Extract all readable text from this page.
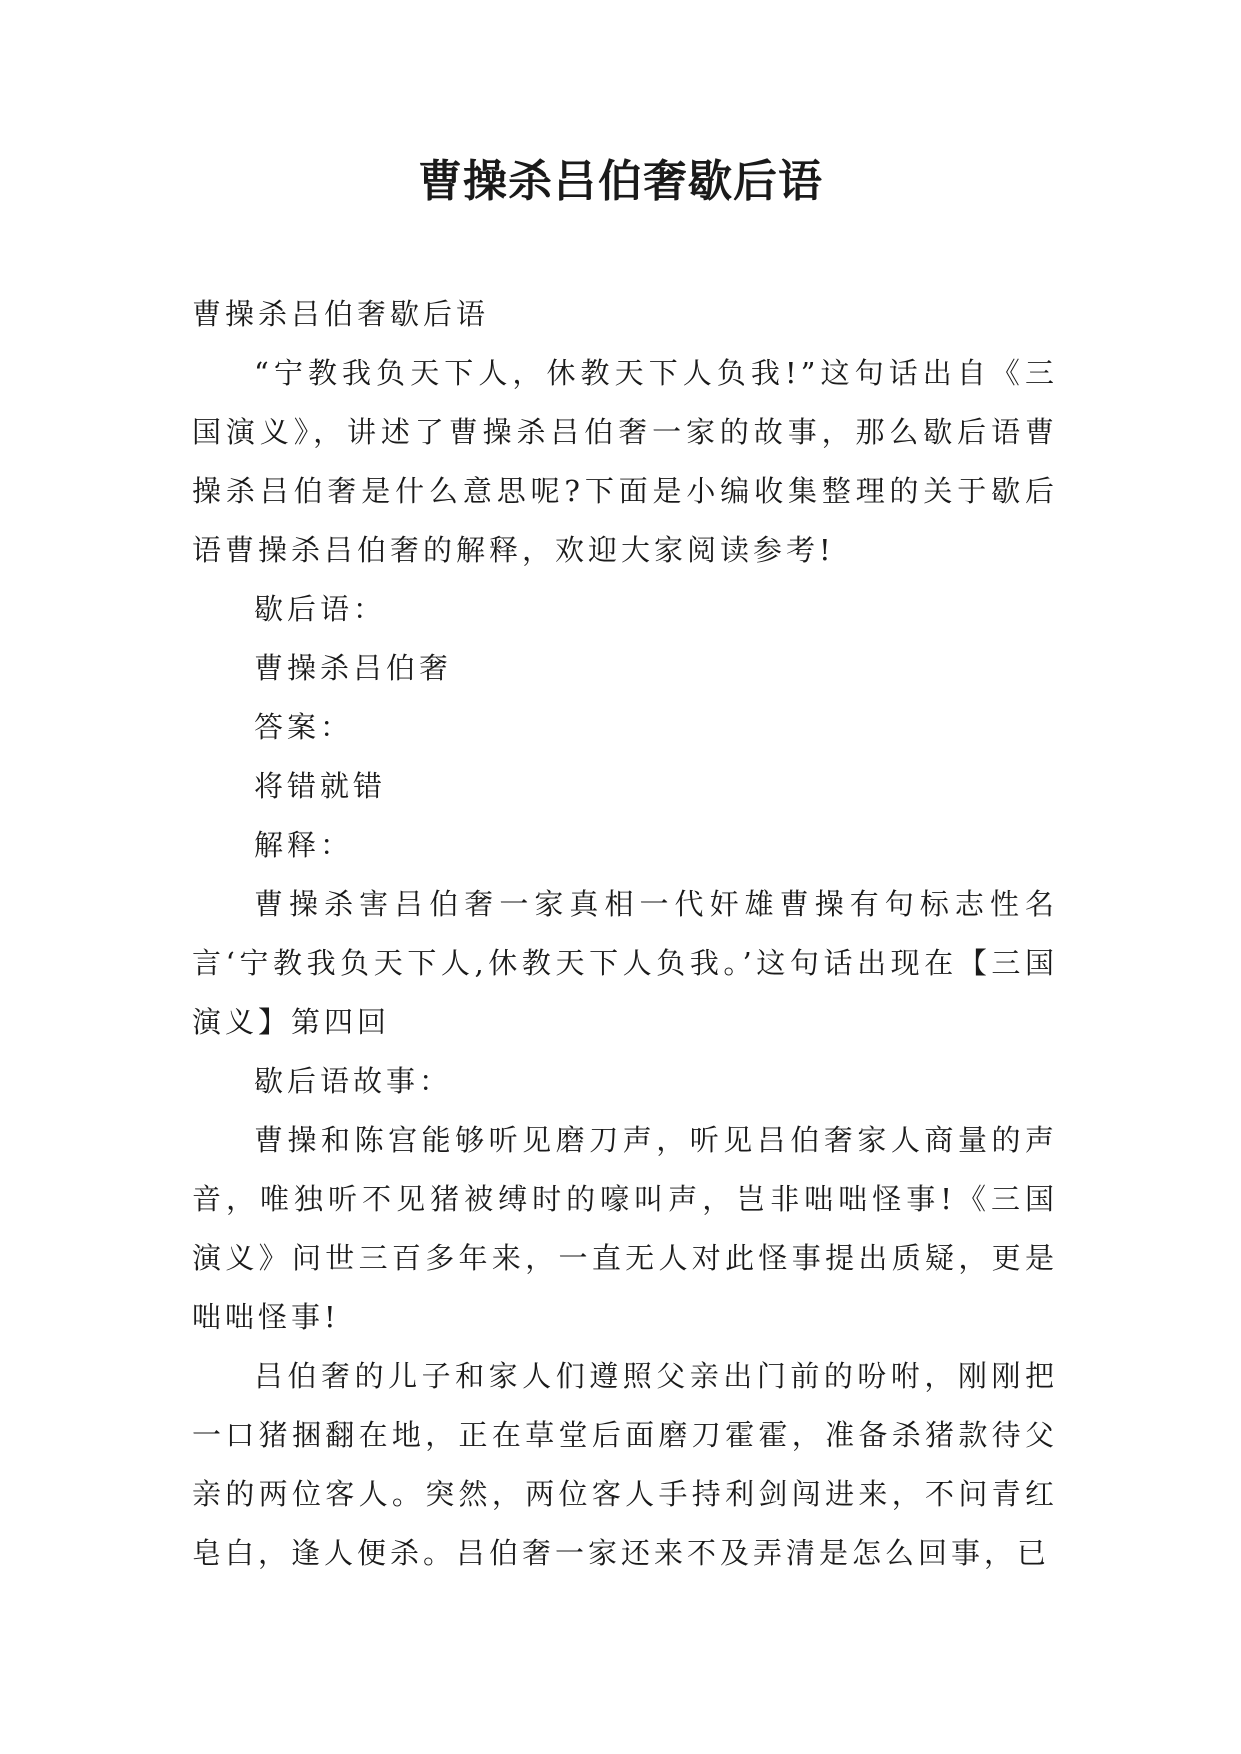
曹操杀吕伯奢歇后语

曹操杀吕伯奢歇后语

“宁教我负天下人，休教天下人负我!”这句话出自《三国演义》，讲述了曹操杀吕伯奢一家的故事，那么歇后语曹操杀吕伯奢是什么意思呢?下面是小编收集整理的关于歇后语曹操杀吕伯奢的解释，欢迎大家阅读参考!

歇后语：

曹操杀吕伯奢

答案：

将错就错

解释：

曹操杀害吕伯奢一家真相一代奸雄曹操有句标志性名言‘宁教我负天下人,休教天下人负我。’这句话出现在【三国演义】第四回

歇后语故事：

曹操和陈宫能够听见磨刀声，听见吕伯奢家人商量的声音，唯独听不见猪被缚时的嚎叫声，岂非咄咄怪事!《三国演义》问世三百多年来，一直无人对此怪事提出质疑，更是咄咄怪事!

吕伯奢的儿子和家人们遵照父亲出门前的吩咐，刚刚把一口猪捆翻在地，正在草堂后面磨刀霍霍，准备杀猪款待父亲的两位客人。突然，两位客人手持利剑闯进来，不问青红皂白，逢人便杀。吕伯奢一家还来不及弄清是怎么回事，已
